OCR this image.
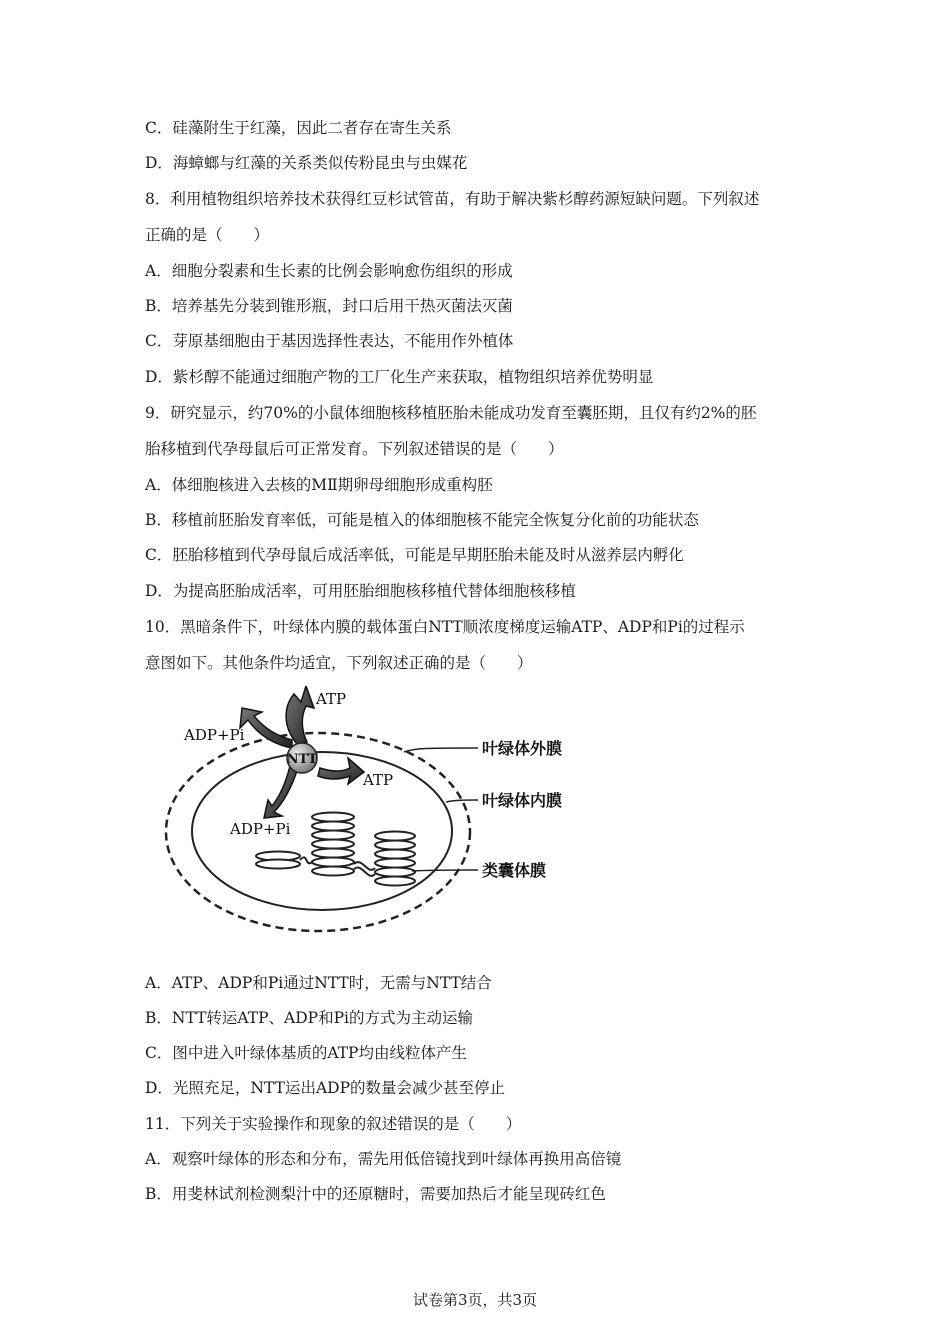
C．硅藻附生于红藻，因此二者存在寄生关系
D．海蟑螂与红藻的关系类似传粉昆虫与虫媒花
8．利用植物组织培养技术获得红豆杉试管苗，有助于解决紫杉醇药源短缺问题。下列叙述
正确的是（　　）
A．细胞分裂素和生长素的比例会影响愈伤组织的形成
B．培养基先分装到锥形瓶，封口后用干热灭菌法灭菌
C．芽原基细胞由于基因选择性表达，不能用作外植体
D．紫杉醇不能通过细胞产物的工厂化生产来获取，植物组织培养优势明显
9．研究显示，约70%的小鼠体细胞核移植胚胎未能成功发育至囊胚期，且仅有约2%的胚
胎移植到代孕母鼠后可正常发育。下列叙述错误的是（　　）
A．体细胞核进入去核的MⅡ期卵母细胞形成重构胚
B．移植前胚胎发育率低，可能是植入的体细胞核不能完全恢复分化前的功能状态
C．胚胎移植到代孕母鼠后成活率低，可能是早期胚胎未能及时从滋养层内孵化
D．为提高胚胎成活率，可用胚胎细胞核移植代替体细胞核移植
10．黑暗条件下，叶绿体内膜的载体蛋白NTT顺浓度梯度运输ATP、ADP和Pi的过程示
意图如下。其他条件均适宜，下列叙述正确的是（　　）
NTT
ATP
ADP+Pi
ATP
ADP+Pi
叶绿体外膜
叶绿体内膜
类囊体膜
A．ATP、ADP和Pi通过NTT时，无需与NTT结合
B．NTT转运ATP、ADP和Pi的方式为主动运输
C．图中进入叶绿体基质的ATP均由线粒体产生
D．光照充足，NTT运出ADP的数量会减少甚至停止
11．下列关于实验操作和现象的叙述错误的是（　　）
A．观察叶绿体的形态和分布，需先用低倍镜找到叶绿体再换用高倍镜
B．用斐林试剂检测梨汁中的还原糖时，需要加热后才能呈现砖红色
试卷第3页，共3页
